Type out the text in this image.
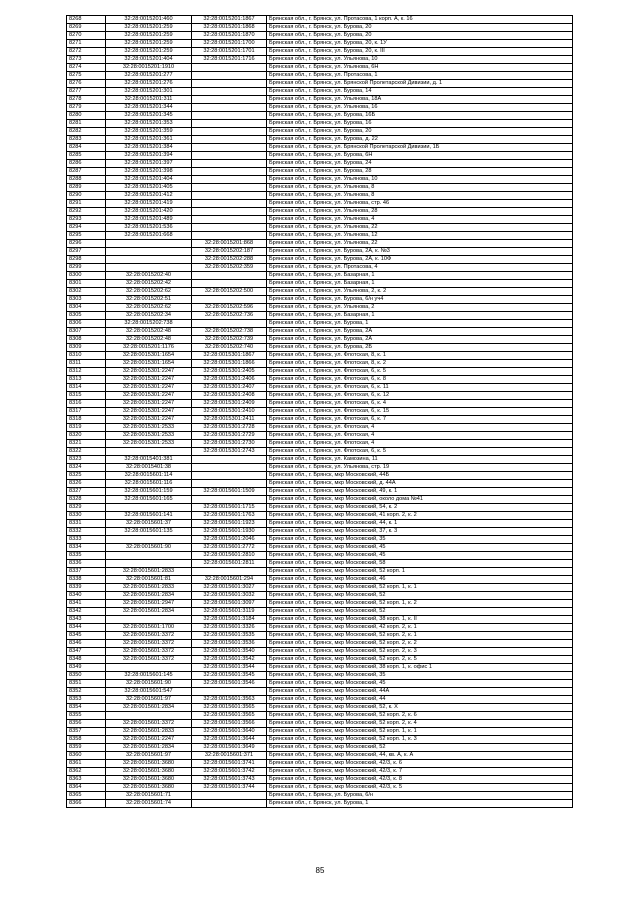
8268	32:28:0015201:460	32:28:0015201:1867	Брянская обл., г. Брянск, ул. Протасова, 1 корп. А, к. 16
8269	32:28:0015201:259	32:28:0015201:1868	Брянская обл., г. Брянск, ул. Бурова, 20
8270	32:28:0015201:259	32:28:0015201:1870	Брянская обл., г. Брянск, ул. Бурова, 20
8271	32:28:0015201:259	32:28:0015201:1700	Брянская обл., г. Брянск, ул. Бурова, 20, к. 1У
8272	32:28:0015201:259	32:28:0015201:1701	Брянская обл., г. Брянск, ул. Бурова, 20, к. III
8273	32:28:0015201:404	32:28:0015201:1716	Брянская обл., г. Брянск, ул. Ульянова, 10
8274	32:28:0015201:1910		Брянская обл., г. Брянск, ул. Ульянова, 6Н
8275	32:28:0015201:277		Брянская обл., г. Брянск, ул. Протасова, 1
8276	32:28:0015201:276		Брянская обл., г. Брянск, ул. Брянской Пролетарской Дивизии, д. 1
8277	32:28:0015201:301		Брянская обл., г. Брянск, ул. Бурова, 14
8278	32:28:0015201:311		Брянская обл., г. Брянск, ул. Ульянова, 18А
8279	32:28:0015201:344		Брянская обл., г. Брянск, ул. Ульянова, 16
8280	32:28:0015201:345		Брянская обл., г. Брянск, ул. Бурова, 16Б
8281	32:28:0015201:353		Брянская обл., г. Брянск, ул. Бурова, 16
8282	32:28:0015201:359		Брянская обл., г. Брянск, ул. Бурова, 20
8283	32:28:0015201:361		Брянская обл., г. Брянск, ул. Бурова, д. 22
8284	32:28:0015201:384		Брянская обл., г. Брянск, ул. Брянской Пролетарской Дивизии, 1Б
8285	32:28:0015201:394		Брянская обл., г. Брянск, ул. Бурова, 6Н
8286	32:28:0015201:397		Брянская обл., г. Брянск, ул. Бурова, 24
8287	32:28:0015201:398		Брянская обл., г. Брянск, ул. Бурова, 28
8288	32:28:0015201:404		Брянская обл., г. Брянск, ул. Ульянова, 10
8289	32:28:0015201:405		Брянская обл., г. Брянск, ул. Ульянова, 8
8290	32:28:0015201:412		Брянская обл., г. Брянск, ул. Ульянова, 8
8291	32:28:0015201:419		Брянская обл., г. Брянск, ул. Ульянова, стр. 46
8292	32:28:0015201:420		Брянская обл., г. Брянск, ул. Ульянова, 28
8293	32:28:0015201:489		Брянская обл., г. Брянск, ул. Ульянова, 4
8294	32:28:0015201:536		Брянская обл., г. Брянск, ул. Ульянова, 22
8295	32:28:0015201:668		Брянская обл., г. Брянск, ул. Ульянова, 12
8296		32:28:0015201:868	Брянская обл., г. Брянск, ул. Ульянова, 22
8297		32:28:0015202:187	Брянская обл., г. Брянск, ул. Бурова, 2А, к. №3
8298		32:28:0015202:288	Брянская обл., г. Брянск, ул. Бурова, 2А, к. 10Ф
8299		32:28:0015202:359	Брянская обл., г. Брянск, ул. Протасова, 4
8300	32:28:0015202:40		Брянская обл., г. Брянск, ул. Базарная, 1
8301	32:28:0015202:42		Брянская обл., г. Брянск, ул. Базарная, 1
8302	32:28:0015202:62	32:28:0015202:500	Брянская обл., г. Брянск, ул. Ульянова, 2, к. 2
8303	32:28:0015202:51		Брянская обл., г. Брянск, ул. Бурова, 6/н уч4
8304	32:28:0015202:62	32:28:0015202:596	Брянская обл., г. Брянск, ул. Ульянова, 2
8305	32:28:0015202:34	32:28:0015202:736	Брянская обл., г. Брянск, ул. Базарная, 1
8306	32:28:0015202:738		Брянская обл., г. Брянск, ул. Бурова, 1
8307	32:28:0015202:48	32:28:0015202:738	Брянская обл., г. Брянск, ул. Бурова, 2А
8308	32:28:0015202:48	32:28:0015202:739	Брянская обл., г. Брянск, ул. Бурова, 2А
8309	32:28:0015201:1176	32:28:0015202:740	Брянская обл., г. Брянск, ул. Бурова, 2Б
8310	32:28:0015301:1654	32:28:0015301:1867	Брянская обл., г. Брянск, ул. Флотская, 8, к. 1
8311	32:28:0015301:1654	32:28:0015301:1866	Брянская обл., г. Брянск, ул. Флотская, 8, к. 2
8312	32:28:0015301:2247	32:28:0015301:2405	Брянская обл., г. Брянск, ул. Флотская, 6, к. 5
8313	32:28:0015301:2247	32:28:0015301:2406	Брянская обл., г. Брянск, ул. Флотская, 6, к. 8
8314	32:28:0015301:2247	32:28:0015301:2407	Брянская обл., г. Брянск, ул. Флотская, 6, к. 11
8315	32:28:0015301:2247	32:28:0015301:2408	Брянская обл., г. Брянск, ул. Флотская, 6, к. 12
8316	32:28:0015301:2247	32:28:0015301:2409	Брянская обл., г. Брянск, ул. Флотская, 6, к. 4
8317	32:28:0015301:2247	32:28:0015301:2410	Брянская обл., г. Брянск, ул. Флотская, 6, к. 15
8318	32:28:0015301:2247	32:28:0015301:2411	Брянская обл., г. Брянск, ул. Флотская, 6, к. 7
8319	32:28:0015301:2533	32:28:0015301:2728	Брянская обл., г. Брянск, ул. Флотская, 4
8320	32:28:0015301:2533	32:28:0015301:2729	Брянская обл., г. Брянск, ул. Флотская, 4
8321	32:28:0015301:2533	32:28:0015301:2730	Брянская обл., г. Брянск, ул. Флотская, 4
8322		32:28:0015301:2743	Брянская обл., г. Брянск, ул. Флотская, 6, к. 5
8323	32:28:0015401:381		Брянская обл., г. Брянск, ул. Камозина, 11
8324	32:28:0015401:38		Брянская обл., г. Брянск, ул. Ульянова, стр. 19
8325	32:28:0015601:114		Брянская обл., г. Брянск, мкр Московский, 44Б
8326	32:28:0015601:116		Брянская обл., г. Брянск, мкр Московский, д. 44А
8327	32:28:0015601:159	32:28:0015601:1509	Брянская обл., г. Брянск, мкр Московский, 49, к. 1
8328	32:28:0015601:165		Брянская обл., г. Брянск, мкр Московский, около дома №41
8329		32:28:0015601:1715	Брянская обл., г. Брянск, мкр Московский, 54, к. 2
8330	32:28:0015601:141	32:28:0015601:1763	Брянская обл., г. Брянск, мкр Московский, 41 корп. 2, к. 2
8331	32:28:0015601:37	32:28:0015601:1923	Брянская обл., г. Брянск, мкр Московский, 44, к. 1
8332	32:28:0015601:135	32:28:0015601:1930	Брянская обл., г. Брянск, мкр Московский, 37, к. 3
8333		32:28:0015601:2046	Брянская обл., г. Брянск, мкр Московский, 35
8334	32:28:0015601:90	32:28:0015601:2772	Брянская обл., г. Брянск, мкр Московский, 45
8335		32:28:0015601:2810	Брянская обл., г. Брянск, мкр Московский, 45
8336		32:28:0015601:2811	Брянская обл., г. Брянск, мкр Московский, 58
8337	32:28:0015601:2833		Брянская обл., г. Брянск, мкр Московский, 52 корп. 1
8338	32:28:0015601:81	32:28:0015601:294	Брянская обл., г. Брянск, мкр Московский, 46
8339	32:28:0015601:2833	32:28:0015601:3027	Брянская обл., г. Брянск, мкр Московский, 52 корп. 1, к. 1
8340	32:28:0015601:2834	32:28:0015601:3032	Брянская обл., г. Брянск, мкр Московский, 52
8341	32:28:0015601:2947	32:28:0015601:3097	Брянская обл., г. Брянск, мкр Московский, 52 корп. 1, к. 2
8342	32:28:0015601:2834	32:28:0015601:3119	Брянская обл., г. Брянск, мкр Московский, 52
8343		32:28:0015601:3184	Брянская обл., г. Брянск, мкр Московский, 38 корп. 1, к. II
8344	32:28:0015601:1700	32:28:0015601:3326	Брянская обл., г. Брянск, мкр Московский, 42 корп. 2, к. 1
8345	32:28:0015601:3372	32:28:0015601:3535	Брянская обл., г. Брянск, мкр Московский, 52 корп. 2, к. 1
8346	32:28:0015601:3372	32:28:0015601:3536	Брянская обл., г. Брянск, мкр Московский, 52 корп. 2, к. 2
8347	32:28:0015601:3372	32:28:0015601:3540	Брянская обл., г. Брянск, мкр Московский, 52 корп. 2, к. 3
8348	32:28:0015601:3372	32:28:0015601:3542	Брянская обл., г. Брянск, мкр Московский, 52 корп. 2, к. 5
8349		32:28:0015601:3544	Брянская обл., г. Брянск, мкр Московский, 38 корп. 1, к. офис 1
8350	32:28:0015601:145	32:28:0015601:3545	Брянская обл., г. Брянск, мкр Московский, 35
8351	32:28:0015601:90	32:28:0015601:3546	Брянская обл., г. Брянск, мкр Московский, 45
8352	32:28:0015601:547		Брянская обл., г. Брянск, мкр Московский, 44А
8353	32:28:0015601:97	32:28:0015601:3563	Брянская обл., г. Брянск, мкр Московский, 44
8354	32:28:0015601:2834	32:28:0015601:3565	Брянская обл., г. Брянск, мкр Московский, 52, к. Х
8355		32:28:0015601:3565	Брянская обл., г. Брянск, мкр Московский, 52 корп. 2, к. 6
8356	32:28:0015601:3372	32:28:0015601:3566	Брянская обл., г. Брянск, мкр Московский, 52 корп. 2, к. 4
8357	32:28:0015601:2833	32:28:0015601:3640	Брянская обл., г. Брянск, мкр Московский, 52 корп. 1, к. 1
8358	32:28:0015601:2247	32:28:0015601:3644	Брянская обл., г. Брянск, мкр Московский, 52 корп. 1, к. 3
8359	32:28:0015601:2834	32:28:0015601:3649	Брянская обл., г. Брянск, мкр Московский, 52
8360	32:28:0015601:97	32:28:0015601:371	Брянская обл., г. Брянск, мкр Московский, 44, кв. А, к. А
8361	32:28:0015601:3680	32:28:0015601:3741	Брянская обл., г. Брянск, мкр Московский, 42/3, к. 6
8362	32:28:0015601:3680	32:28:0015601:3742	Брянская обл., г. Брянск, мкр Московский, 42/3, к. 7
8363	32:28:0015601:3680	32:28:0015601:3743	Брянская обл., г. Брянск, мкр Московский, 42/3, к. 8
8364	32:28:0015601:3680	32:28:0015601:3744	Брянская обл., г. Брянск, мкр Московский, 42/3, к. 5
8365	32:28:0015601:71		Брянская обл., г. Брянск, ул. Бурова, 6/н
8366	32:28:0015601:74		Брянская обл., г. Брянск, ул. Бурова, 1
85
